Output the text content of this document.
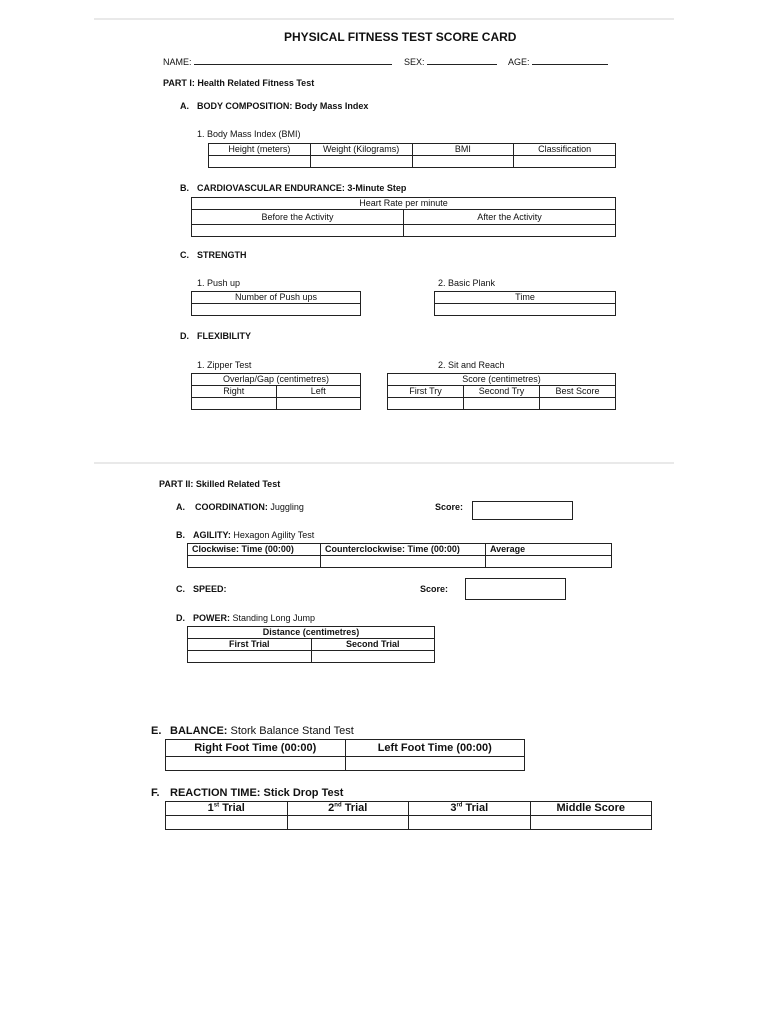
PHYSICAL FITNESS TEST SCORE CARD
NAME:	SEX:	AGE:
PART I: Health Related Fitness Test
A. BODY COMPOSITION: Body Mass Index
1. Body Mass Index (BMI)
Height (meters)	Weight (Kilograms)	BMI	Classification

B. CARDIOVASCULAR ENDURANCE: 3-Minute Step
Heart Rate per minute	
Before the Activity	After the Activity

C. STRENGTH
1. Push up
Number of Push ups

2. Basic Plank
Time

D. FLEXIBILITY
1. Zipper Test
Overlap/Gap (centimetres)	
Right	Left

2. Sit and Reach
Score (centimetres)		
First Try	Second Try	Best Score

PART II: Skilled Related Test
A. COORDINATION: Juggling	Score:
B. AGILITY: Hexagon Agility Test
Clockwise: Time (00:00)	Counterclockwise: Time (00:00)	Average

C. SPEED:	Score:
D. POWER: Standing Long Jump
Distance (centimetres)	
First Trial	Second Trial

E. BALANCE: Stork Balance Stand Test
Right Foot Time (00:00)	Left Foot Time (00:00)

F. REACTION TIME: Stick Drop Test
1st Trial	2nd Trial	3rd Trial	Middle Score
